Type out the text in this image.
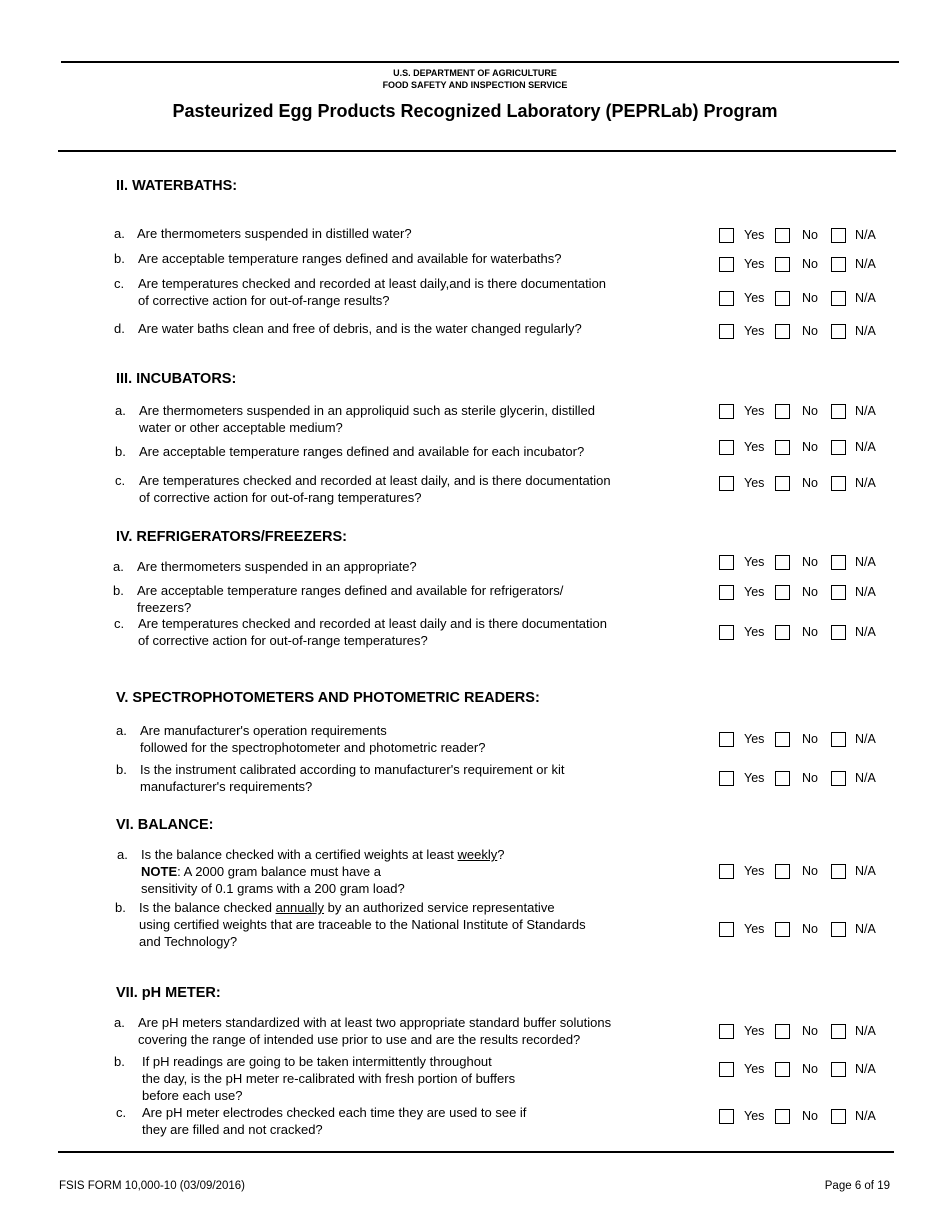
U.S. DEPARTMENT OF AGRICULTURE
FOOD SAFETY AND INSPECTION SERVICE
Pasteurized Egg Products Recognized Laboratory (PEPRLab) Program
II. WATERBATHS:
a. Are thermometers suspended in distilled water?	Yes	No	N/A
b. Are acceptable temperature ranges defined and available for waterbaths?	Yes	No	N/A
c. Are temperatures checked and recorded at least daily,and is there documentation
of corrective action for out-of-range results?	Yes	No	N/A
d. Are water baths clean and free of debris, and is the water changed regularly?	Yes	No	N/A
III. INCUBATORS:
a. Are thermometers suspended in an approliquid such as sterile glycerin, distilled
water or other acceptable medium?
Yes	No	N/A
b. Are acceptable temperature ranges defined and available for each incubator?	Yes	No	N/A
c. Are temperatures checked and recorded at least daily, and is there documentation
of corrective action for out-of-rang temperatures?
Yes	No	N/A
IV. REFRIGERATORS/FREEZERS:
a. Are thermometers suspended in an appropriate?	Yes	No	N/A
b. Are acceptable temperature ranges defined and available for refrigerators/
freezers?
Yes	No	N/A
c. Are temperatures checked and recorded at least daily and is there documentation
of corrective action for out-of-range temperatures?
Yes	No	N/A
V. SPECTROPHOTOMETERS AND PHOTOMETRIC READERS:
a. Are manufacturer's operation requirements
followed for the spectrophotometer and photometric reader?
Yes	No	N/A
b. Is the instrument calibrated according to manufacturer's requirement or kit
manufacturer's requirements?
Yes	No	N/A
VI. BALANCE:
a. Is the balance checked with a certified weights at least weekly?
NOTE: A 2000 gram balance must have a
sensitivity of 0.1 grams with a 200 gram load?
Yes	No	N/A
b. Is the balance checked annually by an authorized service representative
using certified weights that are traceable to the National Institute of Standards
and Technology?
Yes	No	N/A
VII. pH METER:
a. Are pH meters standardized with at least two appropriate standard buffer solutions
covering the range of intended use prior to use and are the results recorded?
Yes	No	N/A
b. If pH readings are going to be taken intermittently throughout
the day, is the pH meter re-calibrated with fresh portion of buffers
before each use?
Yes	No	N/A
c. Are pH meter electrodes checked each time they are used to see if
they are filled and not cracked?
Yes	No	N/A
FSIS FORM 10,000-10 (03/09/2016)	Page 6 of 19
